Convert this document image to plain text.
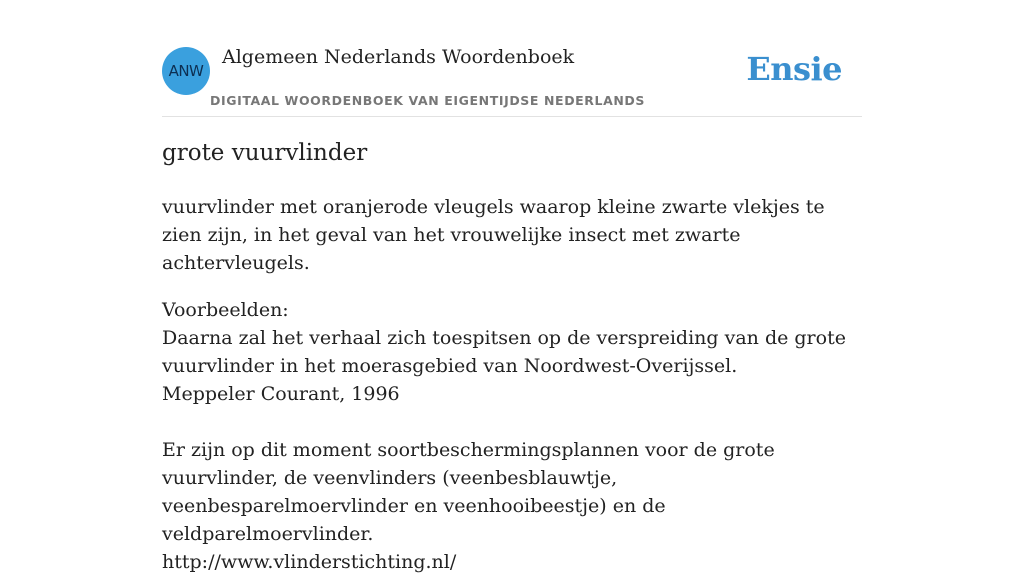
ANW
Algemeen Nederlands Woordenboek
DIGITAAL WOORDENBOEK VAN EIGENTIJDSE NEDERLANDS
Ensie
grote vuurvlinder

vuurvlinder met oranjerode vleugels waarop kleine zwarte vlekjes te zien zijn, in het geval van het vrouwelijke insect met zwarte achtervleugels.

Voorbeelden:

Daarna zal het verhaal zich toespitsen op de verspreiding van de grote vuurvlinder in het moerasgebied van Noordwest-Overijssel.

Meppeler Courant, 1996

Er zijn op dit moment soortbeschermingsplannen voor de grote vuurvlinder, de veenvlinders (veenbesblauwtje, veenbesparelmoervlinder en veenhooibeestje) en de veldparelmoervlinder.

http://www.vlinderstichting.nl/
